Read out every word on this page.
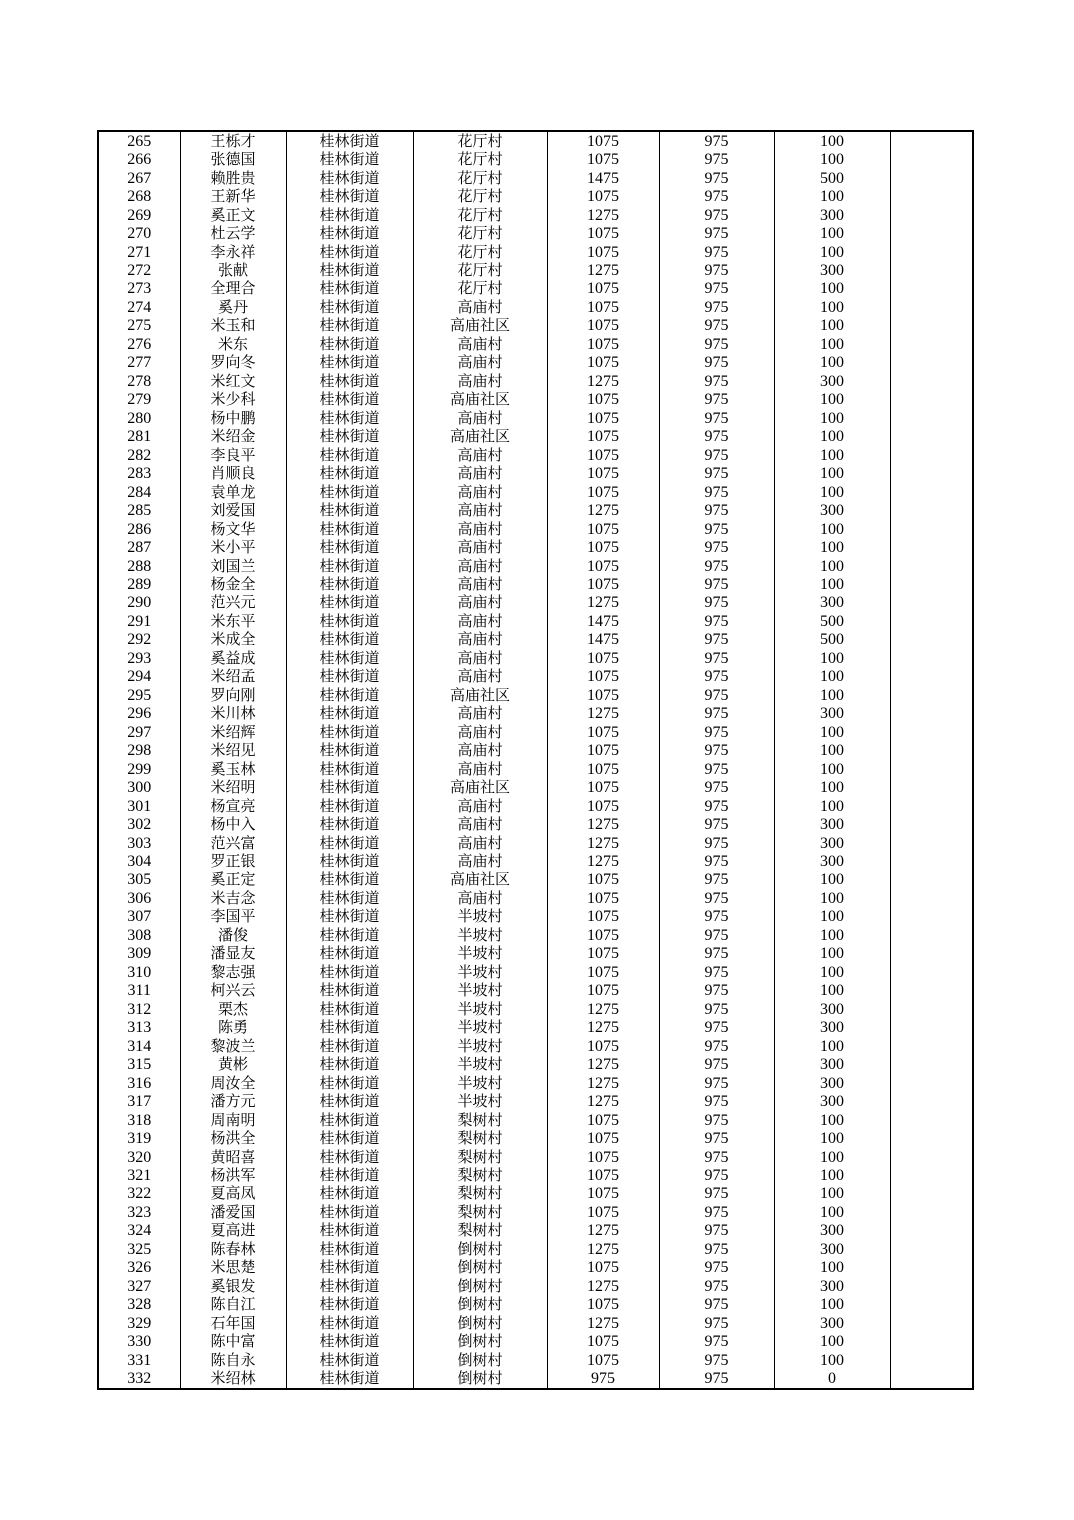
265	王栎才	桂林街道	花厅村	1075	975	100	
266	张德国	桂林街道	花厅村	1075	975	100	
267	赖胜贵	桂林街道	花厅村	1475	975	500	
268	王新华	桂林街道	花厅村	1075	975	100	
269	奚正文	桂林街道	花厅村	1275	975	300	
270	杜云学	桂林街道	花厅村	1075	975	100	
271	李永祥	桂林街道	花厅村	1075	975	100	
272	张献	桂林街道	花厅村	1275	975	300	
273	全理合	桂林街道	花厅村	1075	975	100	
274	奚丹	桂林街道	高庙村	1075	975	100	
275	米玉和	桂林街道	高庙社区	1075	975	100	
276	米东	桂林街道	高庙村	1075	975	100	
277	罗向冬	桂林街道	高庙村	1075	975	100	
278	米红文	桂林街道	高庙村	1275	975	300	
279	米少科	桂林街道	高庙社区	1075	975	100	
280	杨中鹏	桂林街道	高庙村	1075	975	100	
281	米绍金	桂林街道	高庙社区	1075	975	100	
282	李良平	桂林街道	高庙村	1075	975	100	
283	肖顺良	桂林街道	高庙村	1075	975	100	
284	袁单龙	桂林街道	高庙村	1075	975	100	
285	刘爱国	桂林街道	高庙村	1275	975	300	
286	杨文华	桂林街道	高庙村	1075	975	100	
287	米小平	桂林街道	高庙村	1075	975	100	
288	刘国兰	桂林街道	高庙村	1075	975	100	
289	杨金全	桂林街道	高庙村	1075	975	100	
290	范兴元	桂林街道	高庙村	1275	975	300	
291	米东平	桂林街道	高庙村	1475	975	500	
292	米成全	桂林街道	高庙村	1475	975	500	
293	奚益成	桂林街道	高庙村	1075	975	100	
294	米绍孟	桂林街道	高庙村	1075	975	100	
295	罗向刚	桂林街道	高庙社区	1075	975	100	
296	米川林	桂林街道	高庙村	1275	975	300	
297	米绍辉	桂林街道	高庙村	1075	975	100	
298	米绍见	桂林街道	高庙村	1075	975	100	
299	奚玉林	桂林街道	高庙村	1075	975	100	
300	米绍明	桂林街道	高庙社区	1075	975	100	
301	杨宣亮	桂林街道	高庙村	1075	975	100	
302	杨中入	桂林街道	高庙村	1275	975	300	
303	范兴富	桂林街道	高庙村	1275	975	300	
304	罗正银	桂林街道	高庙村	1275	975	300	
305	奚正定	桂林街道	高庙社区	1075	975	100	
306	米吉念	桂林街道	高庙村	1075	975	100	
307	李国平	桂林街道	半坡村	1075	975	100	
308	潘俊	桂林街道	半坡村	1075	975	100	
309	潘显友	桂林街道	半坡村	1075	975	100	
310	黎志强	桂林街道	半坡村	1075	975	100	
311	柯兴云	桂林街道	半坡村	1075	975	100	
312	栗杰	桂林街道	半坡村	1275	975	300	
313	陈勇	桂林街道	半坡村	1275	975	300	
314	黎波兰	桂林街道	半坡村	1075	975	100	
315	黄彬	桂林街道	半坡村	1275	975	300	
316	周汝全	桂林街道	半坡村	1275	975	300	
317	潘方元	桂林街道	半坡村	1275	975	300	
318	周南明	桂林街道	梨树村	1075	975	100	
319	杨洪全	桂林街道	梨树村	1075	975	100	
320	黄昭喜	桂林街道	梨树村	1075	975	100	
321	杨洪军	桂林街道	梨树村	1075	975	100	
322	夏高凤	桂林街道	梨树村	1075	975	100	
323	潘爱国	桂林街道	梨树村	1075	975	100	
324	夏高进	桂林街道	梨树村	1275	975	300	
325	陈春林	桂林街道	倒树村	1275	975	300	
326	米思楚	桂林街道	倒树村	1075	975	100	
327	奚银发	桂林街道	倒树村	1275	975	300	
328	陈自江	桂林街道	倒树村	1075	975	100	
329	石年国	桂林街道	倒树村	1275	975	300	
330	陈中富	桂林街道	倒树村	1075	975	100	
331	陈自永	桂林街道	倒树村	1075	975	100	
332	米绍林	桂林街道	倒树村	975	975	0	
